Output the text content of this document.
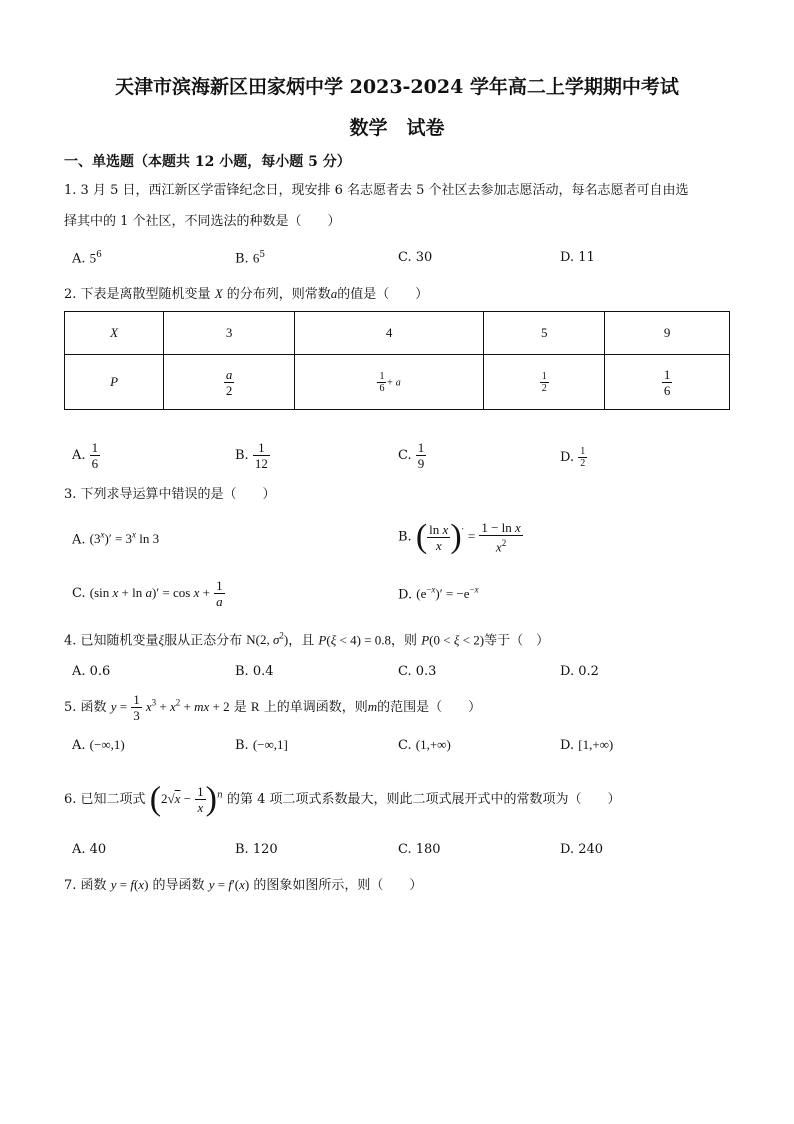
天津市滨海新区田家炳中学 2023-2024 学年高二上学期期中考试
数学　试卷
一、单选题（本题共 12 小题，每小题 5 分）
1. 3 月 5 日，西江新区学雷锋纪念日，现安排 6 名志愿者去 5 个社区去参加志愿活动，每名志愿者可自由选
择其中的 1 个社区，不同选法的种数是（　　）
A. $5^6$	B. $6^5$	C. 30	D. 11
2. 下表是离散型随机变量 X 的分布列，则常数a的值是（　　）
X	3	4	5	9
P	$\frac{a}{2}$	$\frac{1}{6} + a$	$\frac{1}{2}$	$\frac{1}{6}$
A. $\frac{1}{6}$	B. $\frac{1}{12}$	C. $\frac{1}{9}$	D. $\frac{1}{2}$
3. 下列求导运算中错误的是（　　）
A. $(3^x)' = 3^x$ ln 3	B. ( $\frac{\text{ln x}}{x} )' = \frac{\text{1 − ln x}}{x^2}$
C. (sin $x + \ln a)' = \cos x + \frac{1}{a}$	D. $(e^{-x})' = -e^{-x}$
4. 已知随机变量ξ服从正态分布 N(2, $\sigma^2$)，且 P(ξ < 4) = 0.8，则 P(0 < ξ < 2)等于（　）
A. 0.6	B. 0.4	C. 0.3	D. 0.2
5. 函数 $y = \frac{1}{3} x^3 + x^2$ + mx + 2 是 R 上的单调函数，则m的范围是（　　）
A. (−∞,1)	B. (−∞,1]	C. (1,+∞)	D. [1,+∞)
6. 已知二项式 $(2√x - \frac{1}{x} )^n$ 的第 4 项二项式系数最大，则此二项式展开式中的常数项为（　　）
A. 40	B. 120	C. 180	D. 240
7. 函数 y = f(x) 的导函数 y = f′(x) 的图象如图所示，则（　　）
